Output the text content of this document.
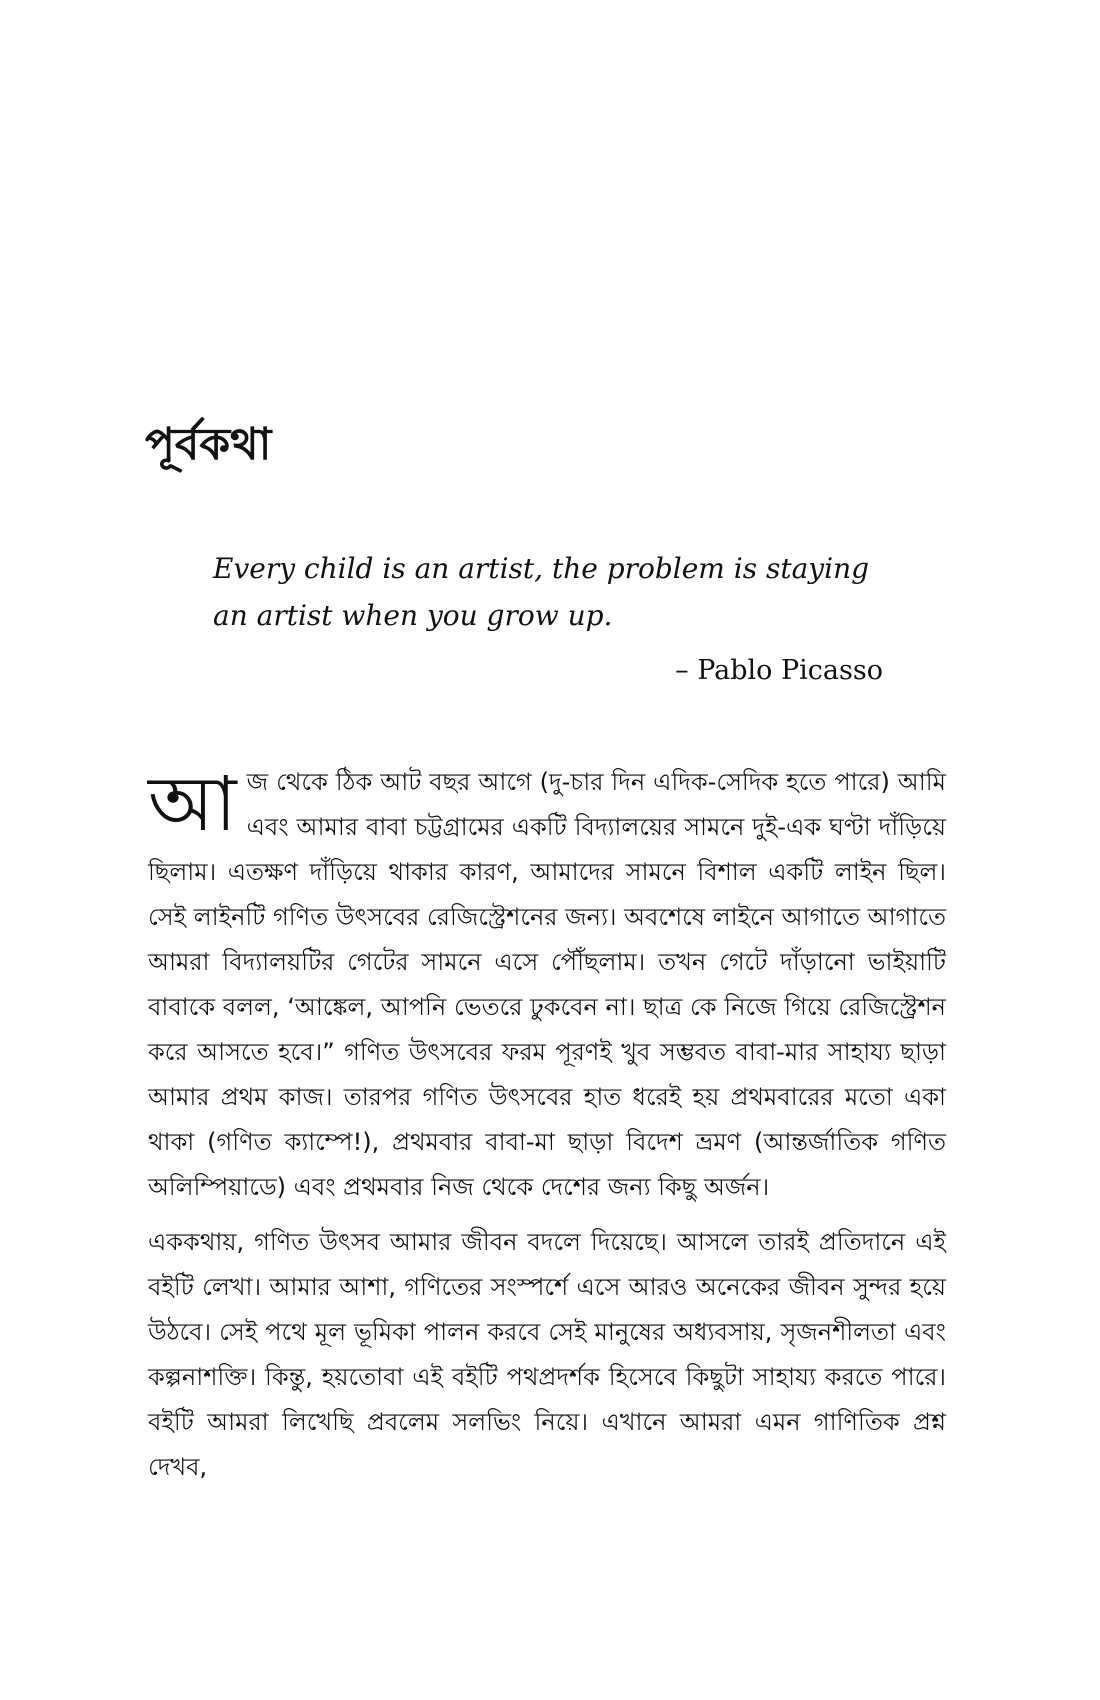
পূর্বকথা

Every child is an artist, the problem is staying an artist when you grow up.

– Pablo Picasso

আজ থেকে ঠিক আট বছর আগে (দু-চার দিন এদিক-সেদিক হতে পারে) আমি এবং আমার বাবা চট্টগ্রামের একটি বিদ্যালয়ের সামনে দুই-এক ঘণ্টা দাঁড়িয়ে ছিলাম। এতক্ষণ দাঁড়িয়ে থাকার কারণ, আমাদের সামনে বিশাল একটি লাইন ছিল। সেই লাইনটি গণিত উৎসবের রেজিস্ট্রেশনের জন্য। অবশেষে লাইনে আগাতে আগাতে আমরা বিদ্যালয়টির গেটের সামনে এসে পৌঁছলাম। তখন গেটে দাঁড়ানো ভাইয়াটি বাবাকে বলল, ‘আঙ্কেল, আপনি ভেতরে ঢুকবেন না। ছাত্র কে নিজে গিয়ে রেজিস্ট্রেশন করে আসতে হবে।” গণিত উৎসবের ফরম পূরণই খুব সম্ভবত বাবা-মার সাহায্য ছাড়া আমার প্রথম কাজ। তারপর গণিত উৎসবের হাত ধরেই হয় প্রথমবারের মতো একা থাকা (গণিত ক্যাম্পে!), প্রথমবার বাবা-মা ছাড়া বিদেশ ভ্রমণ (আন্তর্জাতিক গণিত অলিম্পিয়াডে) এবং প্রথমবার নিজ থেকে দেশের জন্য কিছু অর্জন।

এককথায়, গণিত উৎসব আমার জীবন বদলে দিয়েছে। আসলে তারই প্রতিদানে এই বইটি লেখা। আমার আশা, গণিতের সংস্পর্শে এসে আরও অনেকের জীবন সুন্দর হয়ে উঠবে। সেই পথে মূল ভূমিকা পালন করবে সেই মানুষের অধ্যবসায়, সৃজনশীলতা এবং কল্পনাশক্তি। কিন্তু, হয়তোবা এই বইটি পথপ্রদর্শক হিসেবে কিছুটা সাহায্য করতে পারে। বইটি আমরা লিখেছি প্রবলেম সলভিং নিয়ে। এখানে আমরা এমন গাণিতিক প্রশ্ন দেখব,
